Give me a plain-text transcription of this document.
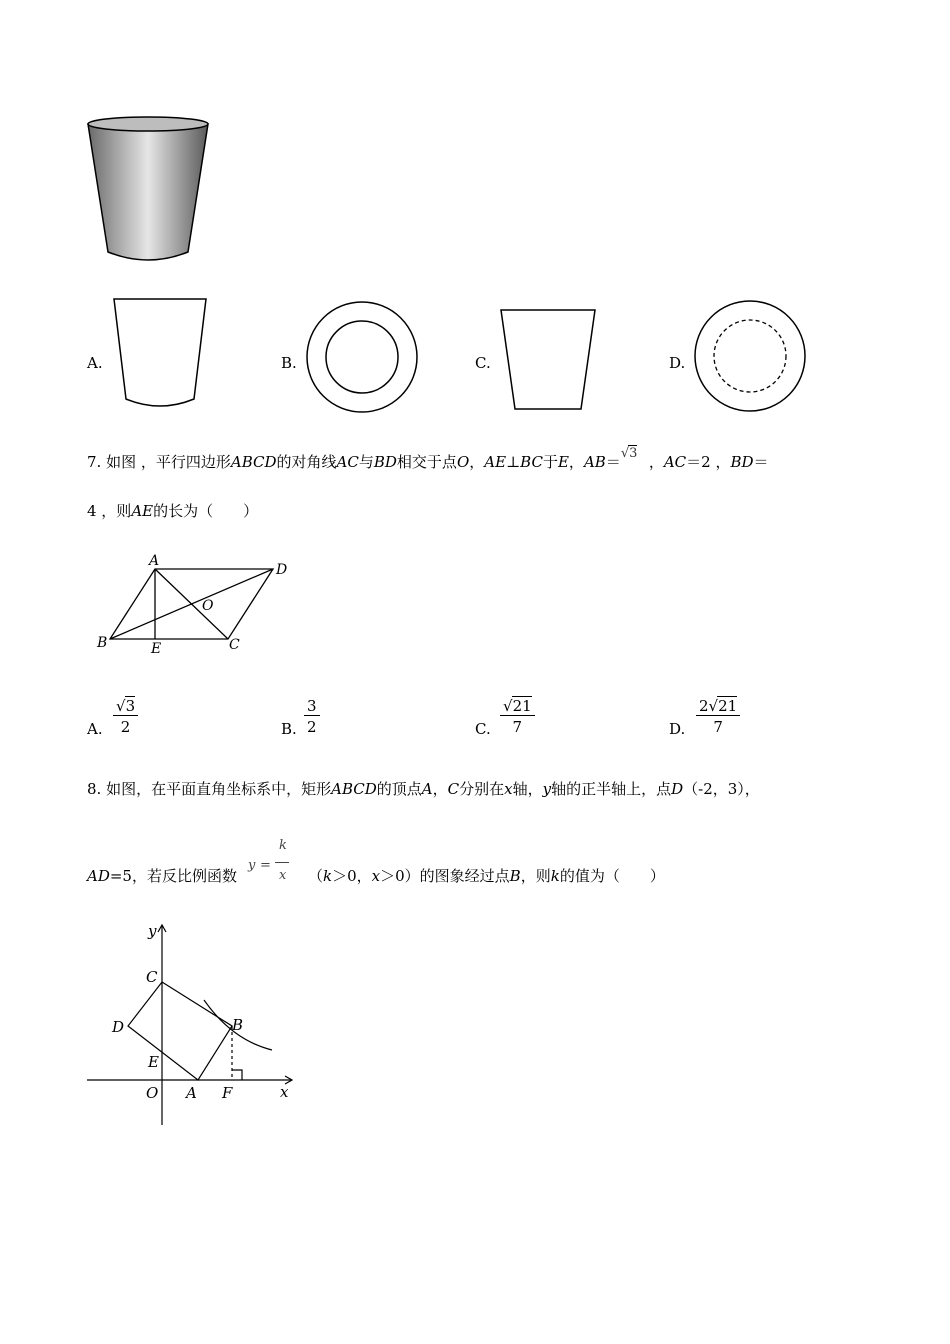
A.	B.	C.	D.
7. 如图 ，平行四边形ABCD的对角线AC与BD相交于点O，AE⊥BC于E，AB＝√3 ，AC＝2 ，BD＝
4 ，则AE的长为（　　）
A
D
O
B	E	C
A. $\frac{√3}{2}$	B. $\frac{3}{2}$	C. $\frac{√21}{7}$	D. $\frac{2√21}{7}$
8. 如图，在平面直角坐标系中，矩形ABCD的顶点A，C分别在x轴，y轴的正半轴上，点D（-2，3），
AD=5，若反比例函数
y =
k
x （k＞0，x＞0）的图象经过点B，则k的值为（　　）
y
x
C
D	B
E
O A F
